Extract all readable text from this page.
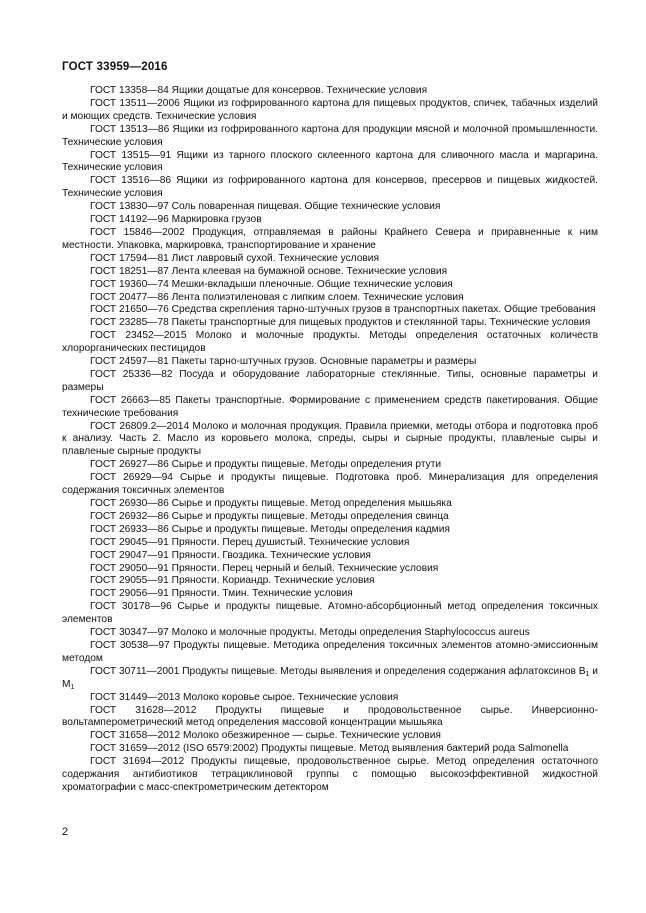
ГОСТ 33959—2016

ГОСТ 13358—84 Ящики дощатые для консервов. Технические условия

ГОСТ 13511—2006 Ящики из гофрированного картона для пищевых продуктов, спичек, табачных изделий и моющих средств. Технические условия

ГОСТ 13513—86 Ящики из гофрированного картона для продукции мясной и молочной промышленности. Технические условия

ГОСТ 13515—91 Ящики из тарного плоского склеенного картона для сливочного масла и маргарина. Технические условия

ГОСТ 13516—86 Ящики из гофрированного картона для консервов, пресервов и пищевых жидкостей. Технические условия

ГОСТ 13830—97 Соль поваренная пищевая. Общие технические условия

ГОСТ 14192—96 Маркировка грузов

ГОСТ 15846—2002 Продукция, отправляемая в районы Крайнего Севера и приравненные к ним местности. Упаковка, маркировка, транспортирование и хранение

ГОСТ 17594—81 Лист лавровый сухой. Технические условия

ГОСТ 18251—87 Лента клеевая на бумажной основе. Технические условия

ГОСТ 19360—74 Мешки-вкладыши пленочные. Общие технические условия

ГОСТ 20477—86 Лента полиэтиленовая с липким слоем. Технические условия

ГОСТ 21650—76 Средства скрепления тарно-штучных грузов в транспортных пакетах. Общие требования

ГОСТ 23285—78 Пакеты транспортные для пищевых продуктов и стеклянной тары. Технические условия

ГОСТ 23452—2015 Молоко и молочные продукты. Методы определения остаточных количеств хлорорганических пестицидов

ГОСТ 24597—81 Пакеты тарно-штучных грузов. Основные параметры и размеры

ГОСТ 25336—82 Посуда и оборудование лабораторные стеклянные. Типы, основные параметры и размеры

ГОСТ 26663—85 Пакеты транспортные. Формирование с применением средств пакетирования. Общие технические требования

ГОСТ 26809.2—2014 Молоко и молочная продукция. Правила приемки, методы отбора и подготовка проб к анализу. Часть 2. Масло из коровьего молока, спреды, сыры и сырные продукты, плавленые сыры и плавленые сырные продукты

ГОСТ 26927—86 Сырье и продукты пищевые. Методы определения ртути

ГОСТ 26929—94 Сырье и продукты пищевые. Подготовка проб. Минерализация для определения содержания токсичных элементов

ГОСТ 26930—86 Сырье и продукты пищевые. Метод определения мышьяка

ГОСТ 26932—86 Сырье и продукты пищевые. Методы определения свинца

ГОСТ 26933—86 Сырье и продукты пищевые. Методы определения кадмия

ГОСТ 29045—91 Пряности. Перец душистый. Технические условия

ГОСТ 29047—91 Пряности. Гвоздика. Технические условия

ГОСТ 29050—91 Пряности. Перец черный и белый. Технические условия

ГОСТ 29055—91 Пряности. Кориандр. Технические условия

ГОСТ 29056—91 Пряности. Тмин. Технические условия

ГОСТ 30178—96 Сырье и продукты пищевые. Атомно-абсорбционный метод определения токсичных элементов

ГОСТ 30347—97 Молоко и молочные продукты. Методы определения Staphylococcus aureus

ГОСТ 30538—97 Продукты пищевые. Методика определения токсичных элементов атомно-эмиссионным методом

ГОСТ 30711—2001 Продукты пищевые. Методы выявления и определения содержания афлатоксинов $B_1$ и $M_1$

ГОСТ 31449—2013 Молоко коровье сырое. Технические условия

ГОСТ 31628—2012 Продукты пищевые и продовольственное сырье. Инверсионно-вольтамперометрический метод определения массовой концентрации мышьяка

ГОСТ 31658—2012 Молоко обезжиренное — сырье. Технические условия

ГОСТ 31659—2012 (ISO 6579:2002) Продукты пищевые. Метод выявления бактерий рода Salmonella

ГОСТ 31694—2012 Продукты пищевые, продовольственное сырье. Метод определения остаточного содержания антибиотиков тетрациклиновой группы с помощью высокоэффективной жидкостной хроматографии с масс-спектрометрическим детектором

2
